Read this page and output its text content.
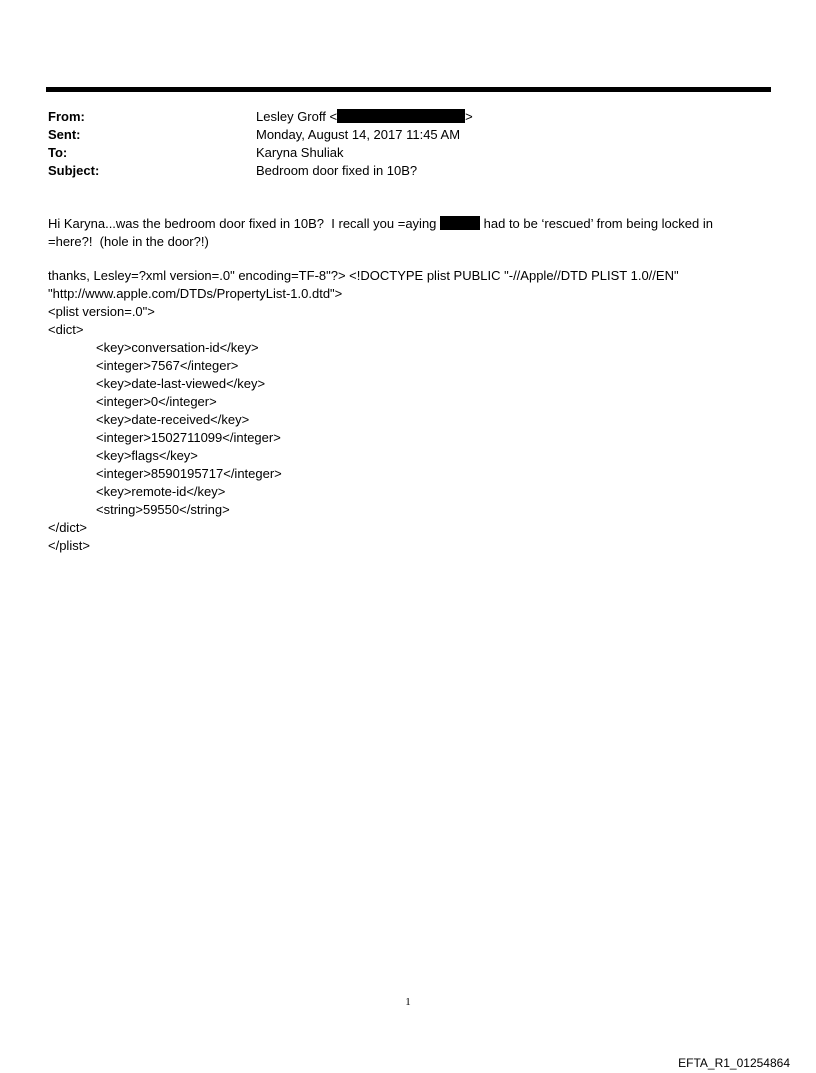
From:	Lesley Groff <	>
Sent:	Monday, August 14, 2017 11:45 AM
To:	Karyna Shuliak
Subject:	Bedroom door fixed in 10B?
Hi Karyna...was the bedroom door fixed in 10B?  I recall you =aying	had to be ‘rescued’ from being locked in
=here?!  (hole in the door?!)
thanks, Lesley=?xml version=.0" encoding=TF-8"?> <!DOCTYPE plist PUBLIC "-//Apple//DTD PLIST 1.0//EN"
"http://www.apple.com/DTDs/PropertyList-1.0.dtd">
<plist version=.0">
<dict>
<key>conversation-id</key>
<integer>7567</integer>
<key>date-last-viewed</key>
<integer>0</integer>
<key>date-received</key>
<integer>1502711099</integer>
<key>flags</key>
<integer>8590195717</integer>
<key>remote-id</key>
<string>59550</string>
</dict>
</plist>
1
EFTA_R1_01254864
